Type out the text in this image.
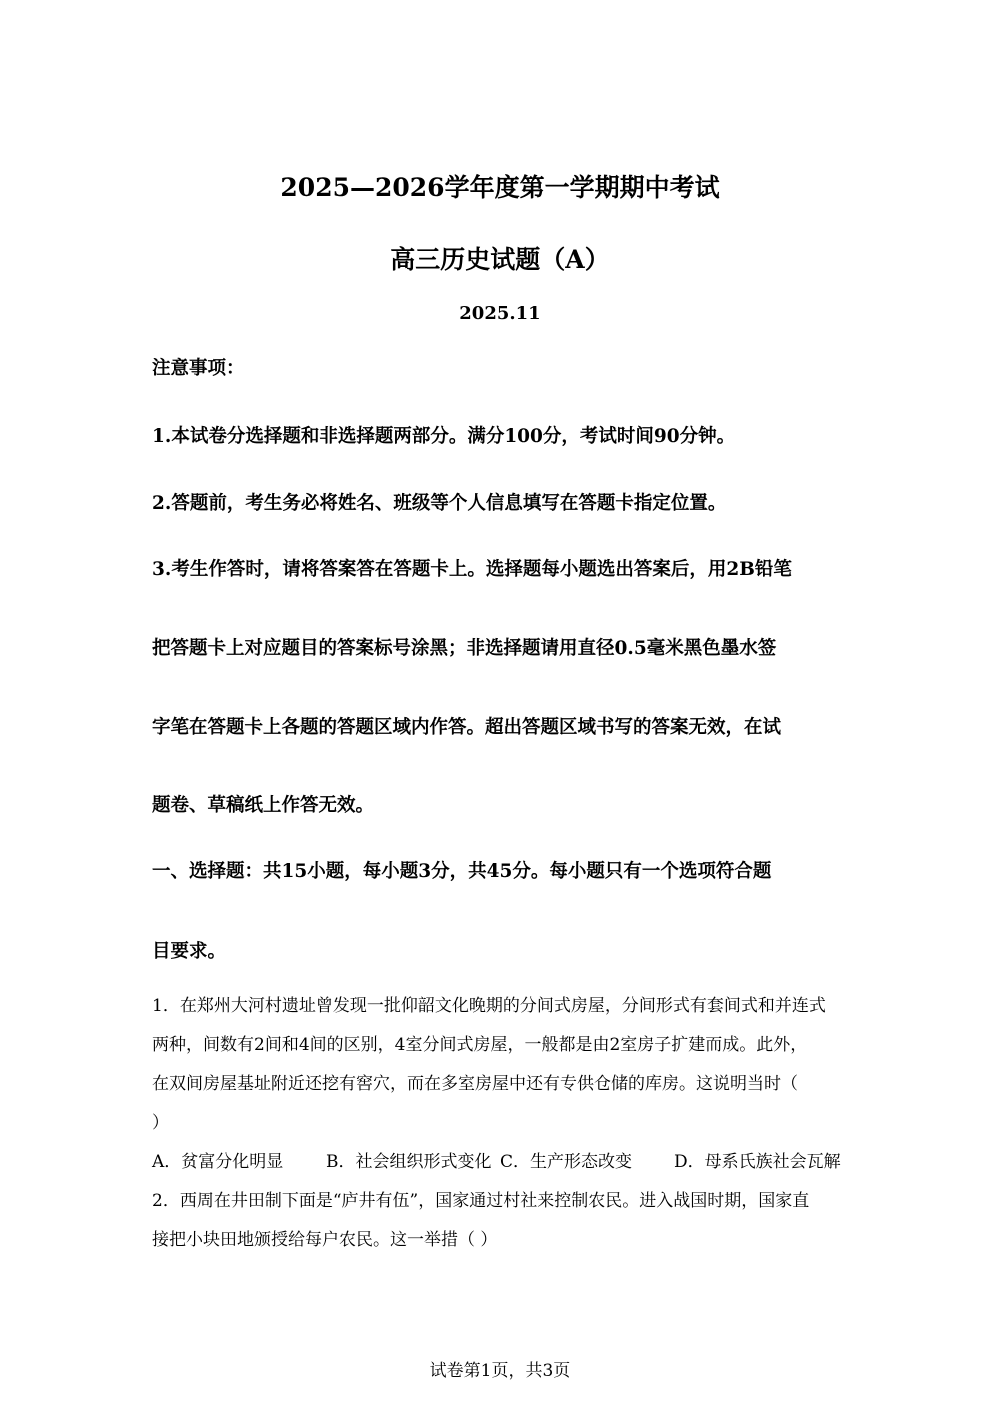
2025—2026学年度第一学期期中考试
高三历史试题（A）
2025.11
注意事项：
1.本试卷分选择题和非选择题两部分。满分100分，考试时间90分钟。
2.答题前，考生务必将姓名、班级等个人信息填写在答题卡指定位置。
3.考生作答时，请将答案答在答题卡上。选择题每小题选出答案后，用2B铅笔
把答题卡上对应题目的答案标号涂黑；非选择题请用直径0.5毫米黑色墨水签
字笔在答题卡上各题的答题区域内作答。超出答题区域书写的答案无效，在试
题卷、草稿纸上作答无效。
一、选择题：共15小题，每小题3分，共45分。每小题只有一个选项符合题
目要求。
1．在郑州大河村遗址曾发现一批仰韶文化晚期的分间式房屋，分间形式有套间式和并连式
两种，间数有2间和4间的区别，4室分间式房屋，一般都是由2室房子扩建而成。此外，
在双间房屋基址附近还挖有窖穴，而在多室房屋中还有专供仓储的库房。这说明当时（
）
A．贫富分化明显	B．社会组织形式变化 C．生产形态改变 D．母系氏族社会瓦解
2．西周在井田制下面是“庐井有伍”，国家通过村社来控制农民。进入战国时期，国家直
接把小块田地颁授给每户农民。这一举措（ ）
试卷第1页，共3页
